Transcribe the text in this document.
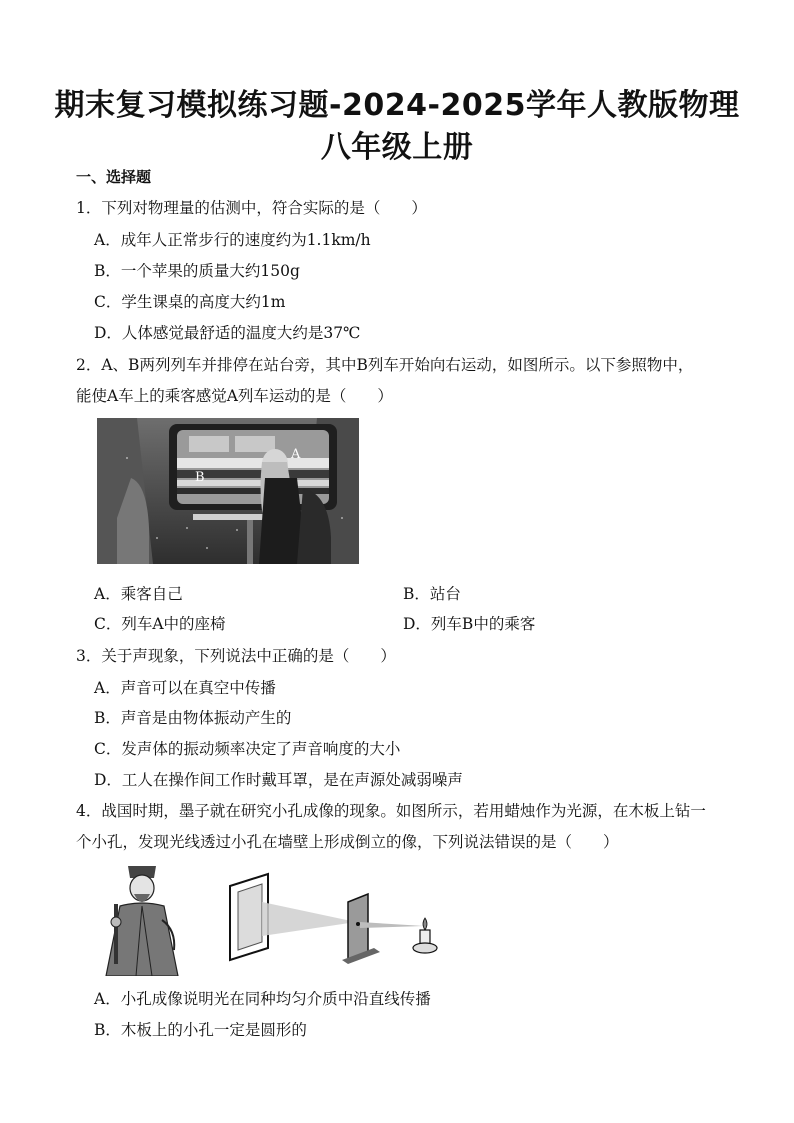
期末复习模拟练习题-2024-2025学年人教版物理
八年级上册
一、选择题
1．下列对物理量的估测中，符合实际的是（　　）
A．成年人正常步行的速度约为1.1km/h
B．一个苹果的质量大约150g
C．学生课桌的高度大约1m
D．人体感觉最舒适的温度大约是37℃
2．A、B两列列车并排停在站台旁，其中B列车开始向右运动，如图所示。以下参照物中，
能使A车上的乘客感觉A列车运动的是（　　）
A
B
A．乘客自己	B．站台
C．列车A中的座椅	D．列车B中的乘客
3．关于声现象，下列说法中正确的是（　　）
A．声音可以在真空中传播
B．声音是由物体振动产生的
C．发声体的振动频率决定了声音响度的大小
D．工人在操作间工作时戴耳罩，是在声源处减弱噪声
4．战国时期，墨子就在研究小孔成像的现象。如图所示，若用蜡烛作为光源，在木板上钻一
个小孔，发现光线透过小孔在墙壁上形成倒立的像，下列说法错误的是（　　）
A．小孔成像说明光在同种均匀介质中沿直线传播
B．木板上的小孔一定是圆形的
